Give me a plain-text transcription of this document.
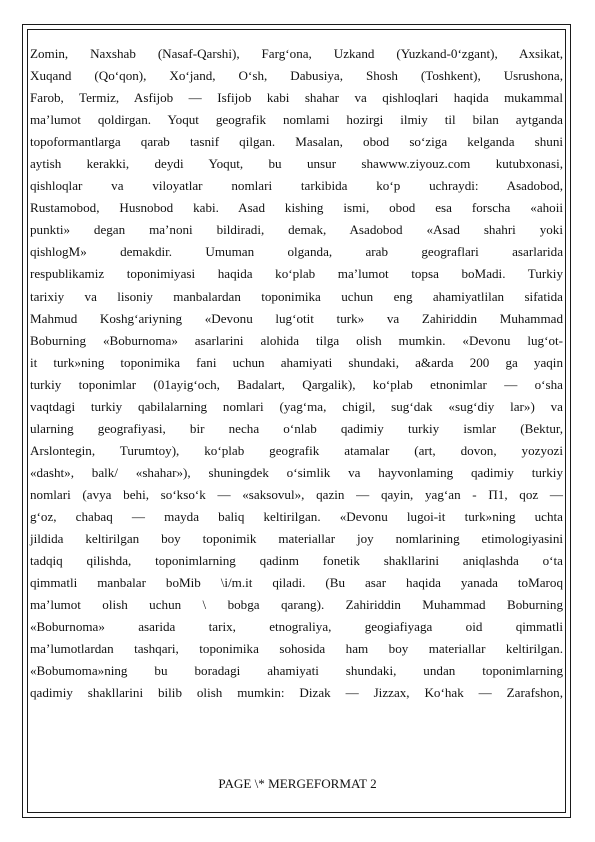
Zomin, Naxshab (Nasaf-Qarshi), Farg‘ona, Uzkand (Yuzkand-0‘zgant), Axsikat,
Xuqand (Qo‘qon), Xo‘jand, O‘sh, Dabusiya, Shosh (Toshkent), Usrushona,
Farob, Termiz, Asfijob — Isfijob kabi shahar va qishloqlari haqida mukammal
ma’lumot qoldirgan. Yoqut geografik nomlami hozirgi ilmiy til bilan aytganda
topoformantlarga qarab tasnif qilgan. Masalan, obod so‘ziga kelganda shuni
aytish kerakki, deydi Yoqut, bu unsur shawww.ziyouz.com kutubxonasi,
qishloqlar va viloyatlar nomlari tarkibida ko‘p uchraydi: Asadobod,
Rustamobod, Husnobod kabi. Asad kishing ismi, obod esa forscha «ahoii
punkti» degan ma’noni bildiradi, demak, Asadobod «Asad shahri yoki
qishlogM» demakdir. Umuman olganda, arab geograflari asarlarida
respublikamiz toponimiyasi haqida ko‘plab ma’lumot topsa boMadi. Turkiy
tarixiy va lisoniy manbalardan toponimika uchun eng ahamiyatlilan sifatida
Mahmud Koshg‘ariyning «Devonu lug‘otit turk» va Zahiriddin Muhammad
Boburning «Boburnoma» asarlarini alohida tilga olish mumkin. «Devonu lug‘ot-
it turk»ning toponimika fani uchun ahamiyati shundaki, a&arda 200 ga yaqin
turkiy toponimlar (01ayig‘och, Badalart, Qargalik), ko‘plab etnonimlar — o‘sha
vaqtdagi turkiy qabilalarning nomlari (yag‘ma, chigil, sug‘dak «sug‘diy lar») va
ularning geografiyasi, bir necha o‘nlab qadimiy turkiy ismlar (Bektur,
Arslontegin, Turumtoy), ko‘plab geografik atamalar (art, dovon, yozyozi
«dasht», balk/ «shahar»), shuningdek o‘simlik va hayvonlaming qadimiy turkiy
nomlari (avya behi, so‘kso‘k — «saksovul», qazin — qayin, yag‘an - Π1, qoz —
g‘oz, chabaq — mayda baliq keltirilgan. «Devonu lugoi-it turk»ning uchta
jildida keltirilgan boy toponimik materiallar joy nomlarining etimologiyasini
tadqiq qilishda, toponimlarning qadinm fonetik shakllarini aniqlashda o‘ta
qimmatli manbalar boMib \i/m.it qiladi. (Bu asar haqida yanada toMaroq
ma’lumot olish uchun \ bobga qarang). Zahiriddin Muhammad Boburning
«Boburnoma» asarida tarix, etnograliya, geogiafiyaga oid qimmatli
ma’lumotlardan tashqari, toponimika sohosida ham boy materiallar keltirilgan.
«Bobumoma»ning bu boradagi ahamiyati shundaki, undan toponimlarning
qadimiy shakllarini bilib olish mumkin: Dizak — Jizzax, Ko‘hak — Zarafshon,
PAGE \* MERGEFORMAT 2
